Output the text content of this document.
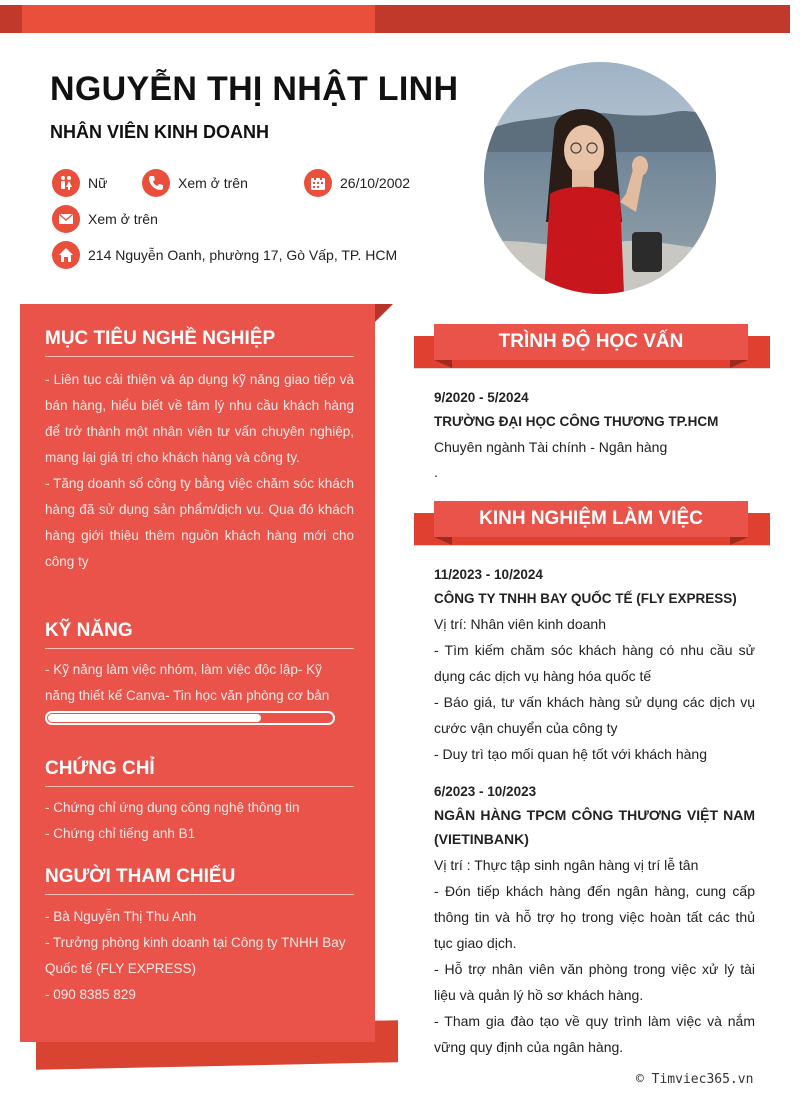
NGUYỄN THỊ NHẬT LINH
NHÂN VIÊN KINH DOANH
Nữ	Xem ở trên	26/10/2002
Xem ở trên
214 Nguyễn Oanh, phường 17, Gò Vấp, TP. HCM
MỤC TIÊU NGHỀ NGHIỆP
- Liên tục cải thiện và áp dụng kỹ năng giao tiếp và bán hàng, hiểu biết về tâm lý nhu cầu khách hàng để trở thành một nhân viên tư vấn chuyên nghiệp, mang lại giá trị cho khách hàng và công ty.
- Tăng doanh số công ty bằng việc chăm sóc khách hàng đã sử dụng sản phẩm/dịch vụ. Qua đó khách hàng giới thiệu thêm nguồn khách hàng mới cho công ty
KỸ NĂNG
- Kỹ năng làm việc nhóm, làm việc độc lập- Kỹ năng thiết kế Canva- Tin học văn phòng cơ bản
CHỨNG CHỈ
- Chứng chỉ ứng dụng công nghệ thông tin
- Chứng chỉ tiếng anh B1
NGƯỜI THAM CHIẾU
- Bà Nguyễn Thị Thu Anh
- Trưởng phòng kinh doanh tại Công ty TNHH Bay Quốc tế (FLY EXPRESS)
- 090 8385 829
TRÌNH ĐỘ HỌC VẤN
9/2020 - 5/2024
TRƯỜNG ĐẠI HỌC CÔNG THƯƠNG TP.HCM
Chuyên ngành Tài chính - Ngân hàng
.
KINH NGHIỆM LÀM VIỆC
11/2023 - 10/2024
CÔNG TY TNHH BAY QUỐC TẾ (FLY EXPRESS)
Vị trí: Nhân viên kinh doanh
- Tìm kiếm chăm sóc khách hàng có nhu cầu sử dụng các dịch vụ hàng hóa quốc tế
- Báo giá, tư vấn khách hàng sử dụng các dịch vụ cước vận chuyển của công ty
- Duy trì tạo mối quan hệ tốt với khách hàng
6/2023 - 10/2023
NGÂN HÀNG TPCM CÔNG THƯƠNG VIỆT NAM (VIETINBANK)
Vị trí : Thực tập sinh ngân hàng vị trí lễ tân
- Đón tiếp khách hàng đến ngân hàng, cung cấp thông tin và hỗ trợ họ trong việc hoàn tất các thủ tục giao dịch.
- Hỗ trợ nhân viên văn phòng trong việc xử lý tài liệu và quản lý hồ sơ khách hàng.
- Tham gia đào tạo về quy trình làm việc và nắm vững quy định của ngân hàng.
© Timviec365.vn
